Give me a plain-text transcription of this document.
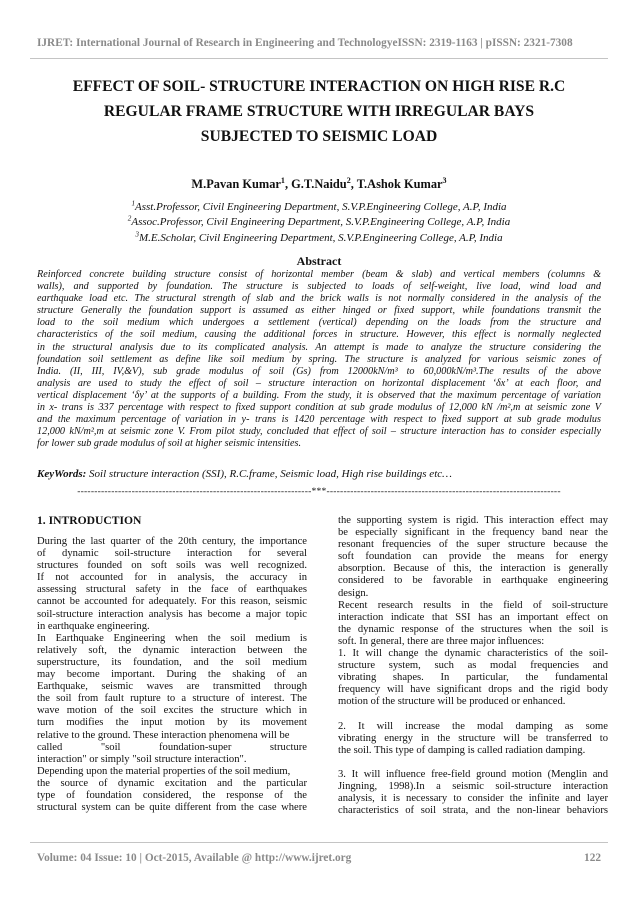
IJRET: International Journal of Research in Engineering and TechnologyeISSN: 2319-1163 | pISSN: 2321-7308
EFFECT OF SOIL- STRUCTURE INTERACTION ON HIGH RISE R.C
REGULAR FRAME STRUCTURE WITH IRREGULAR BAYS
SUBJECTED TO SEISMIC LOAD
M.Pavan Kumar$^1$, G.T.Naidu$^2$, T.Ashok Kumar$^3$
$^1$Asst.Professor, Civil Engineering Department, S.V.P.Engineering College, A.P, India
$^2$Assoc.Professor, Civil Engineering Department, S.V.P.Engineering College, A.P, India
$^3$M.E.Scholar, Civil Engineering Department, S.V.P.Engineering College, A.P, India
Abstract
Reinforced concrete building structure consist of horizontal member (beam & slab) and vertical members (columns &
walls), and supported by foundation. The structure is subjected to loads of self-weight, live load, wind load and
earthquake load etc. The structural strength of slab and the brick walls is not normally considered in the analysis of the
structure Generally the foundation support is assumed as either hinged or fixed support, while foundations transmit the
load to the soil medium which undergoes a settlement (vertical) depending on the loads from the structure and
characteristics of the soil medium, causing the additional forces in structure. However, this effect is normally neglected
in the structural analysis due to its complicated analysis. An attempt is made to analyze the structure considering the
foundation soil settlement as define like soil medium by spring. The structure is analyzed for various seismic zones of
India. (II, III, IV,&V), sub grade modulus of soil (Gs) from 12000kN/m³ to 60,000kN/m³.The results of the above
analysis are used to study the effect of soil – structure interaction on horizontal displacement ‘δx’ at each floor, and
vertical displacement ‘δy’ at the supports of a building. From the study, it is observed that the maximum percentage of variation
in x- trans is 337 percentage with respect to fixed support condition at sub grade modulus of 12,000 kN /m²,m at seismic zone V
and the maximum percentage of variation in y- trans is 1420 percentage with respect to fixed support at sub grade modulus
12,000 kN/m²,m at seismic zone V. From pilot study, concluded that effect of soil – structure interaction has to consider especially
for lower sub grade modulus of soil at higher seismic intensities.
KeyWords: Soil structure interaction (SSI), R.C.frame, Seismic load, High rise buildings etc…
---------------------------------------------------------------------***---------------------------------------------------------------------
1. INTRODUCTION
During the last quarter of the 20th century, the importance
of dynamic soil-structure interaction for several
structures founded on soft soils was well recognized.
If not accounted for in analysis, the accuracy in
assessing structural safety in the face of earthquakes
cannot be accounted for adequately. For this reason, seismic
soil-structure interaction analysis has become a major topic
in earthquake engineering.
In Earthquake Engineering when the soil medium is
relatively soft, the dynamic interaction between the
superstructure, its foundation, and the soil medium
may become important. During the shaking of an
Earthquake, seismic waves are transmitted through
the soil from fault rupture to a structure of interest. The
wave motion of the soil excites the structure which in
turn modifies the input motion by its movement
relative to the ground. These interaction phenomena will be
called "soil foundation-super structure
interaction" or simply "soil structure interaction".
Depending upon the material properties of the soil medium,
the source of dynamic excitation and the particular
type of foundation considered, the response of the
structural system can be quite different from the case where
the supporting system is rigid. This interaction effect may
be especially significant in the frequency band near the
resonant frequencies of the super structure because the
soft foundation can provide the means for energy
absorption. Because of this, the interaction is generally
considered to be favorable in earthquake engineering
design.
Recent research results in the field of soil-structure
interaction indicate that SSI has an important effect on
the dynamic response of the structures when the soil is
soft. In general, there are three major influences:
1. It will change the dynamic characteristics of the soil-
structure system, such as modal frequencies and
vibrating shapes. In particular, the fundamental
frequency will have significant drops and the rigid body
motion of the structure will be produced or enhanced.
2. It will increase the modal damping as some
vibrating energy in the structure will be transferred to
the soil. This type of damping is called radiation damping.
3. It will influence free-field ground motion (Menglin and
Jingning, 1998).In a seismic soil-structure interaction
analysis, it is necessary to consider the infinite and layer
characteristics of soil strata, and the non-linear behaviors
Volume: 04 Issue: 10 | Oct-2015, Available @ http://www.ijret.org	122
